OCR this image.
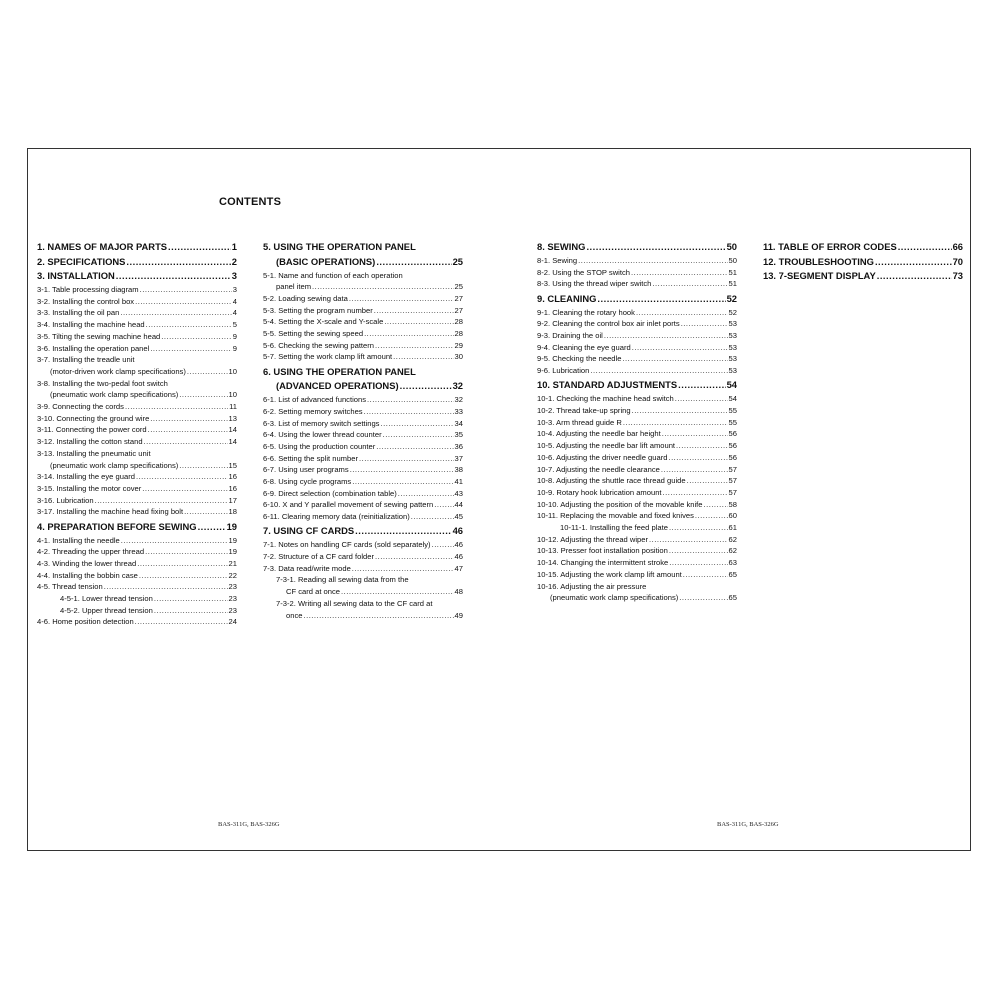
CONTENTS
1. NAMES OF MAJOR PARTS .....	1
2. SPECIFICATIONS .....	2
3. INSTALLATION .....	3
3-1. Table processing diagram .....	3
3-2. Installing the control box .....	4
3-3. Installing the oil pan .....	4
3-4. Installing the machine head .....	5
3-5. Tilting the sewing machine head .....	9
3-6. Installing the operation panel .....	9
3-7. Installing the treadle unit
(motor-driven work clamp specifications) .....	10
3-8. Installing the two-pedal foot switch
(pneumatic work clamp specifications) .....	10
3-9. Connecting the cords .....	11
3-10. Connecting the ground wire .....	13
3-11. Connecting the power cord .....	14
3-12. Installing the cotton stand .....	14
3-13. Installing the pneumatic unit
(pneumatic work clamp specifications) .....	15
3-14. Installing the eye guard .....	16
3-15. Installing the motor cover .....	16
3-16. Lubrication .....	17
3-17. Installing the machine head fixing bolt .....	18
4. PREPARATION BEFORE SEWING .....	19
4-1. Installing the needle .....	19
4-2. Threading the upper thread .....	19
4-3. Winding the lower thread .....	21
4-4. Installing the bobbin case .....	22
4-5. Thread tension .....	23
4-5-1. Lower thread tension .....	23
4-5-2. Upper thread tension .....	23
4-6. Home position detection .....	24
5. USING THE OPERATION PANEL
(BASIC OPERATIONS) .....	25
5-1. Name and function of each operation
panel item .....	25
5-2. Loading sewing data .....	27
5-3. Setting the program number .....	27
5-4. Setting the X-scale and Y-scale .....	28
5-5. Setting the sewing speed .....	28
5-6. Checking the sewing pattern .....	29
5-7. Setting the work clamp lift amount .....	30
6. USING THE OPERATION PANEL
(ADVANCED OPERATIONS) .....	32
6-1. List of advanced functions .....	32
6-2. Setting memory switches .....	33
6-3. List of memory switch settings .....	34
6-4. Using the lower thread counter .....	35
6-5. Using the production counter .....	36
6-6. Setting the split number .....	37
6-7. Using user programs .....	38
6-8. Using cycle programs .....	41
6-9. Direct selection (combination table) .....	43
6-10. X and Y parallel movement of sewing pattern .....	44
6-11. Clearing memory data (reinitialization) .....	45
7. USING CF CARDS .....	46
7-1. Notes on handling CF cards (sold separately) .....	46
7-2. Structure of a CF card folder .....	46
7-3. Data read/write mode .....	47
7-3-1. Reading all sewing data from the
CF card at once .....	48
7-3-2. Writing all sewing data to the CF card at
once .....	49
8. SEWING .....	50
8-1. Sewing .....	50
8-2. Using the STOP switch .....	51
8-3. Using the thread wiper switch .....	51
9. CLEANING .....	52
9-1. Cleaning the rotary hook .....	52
9-2. Cleaning the control box air inlet ports .....	53
9-3. Draining the oil .....	53
9-4. Cleaning the eye guard .....	53
9-5. Checking the needle .....	53
9-6. Lubrication .....	53
10. STANDARD ADJUSTMENTS .....	54
10-1. Checking the machine head switch .....	54
10-2. Thread take-up spring .....	55
10-3. Arm thread guide R .....	55
10-4. Adjusting the needle bar height .....	56
10-5. Adjusting the needle bar lift amount .....	56
10-6. Adjusting the driver needle guard .....	56
10-7. Adjusting the needle clearance .....	57
10-8. Adjusting the shuttle race thread guide .....	57
10-9. Rotary hook lubrication amount .....	57
10-10. Adjusting the position of the movable knife .....	58
10-11. Replacing the movable and fixed knives .....	60
10-11-1. Installing the feed plate .....	61
10-12. Adjusting the thread wiper .....	62
10-13. Presser foot installation position .....	62
10-14. Changing the intermittent stroke .....	63
10-15. Adjusting the work clamp lift amount .....	65
10-16. Adjusting the air pressure
(pneumatic work clamp specifications) .....	65
11. TABLE OF ERROR CODES .....	66
12. TROUBLESHOOTING .....	70
13. 7-SEGMENT DISPLAY .....	73
BAS-311G, BAS-326G	BAS-311G, BAS-326G
